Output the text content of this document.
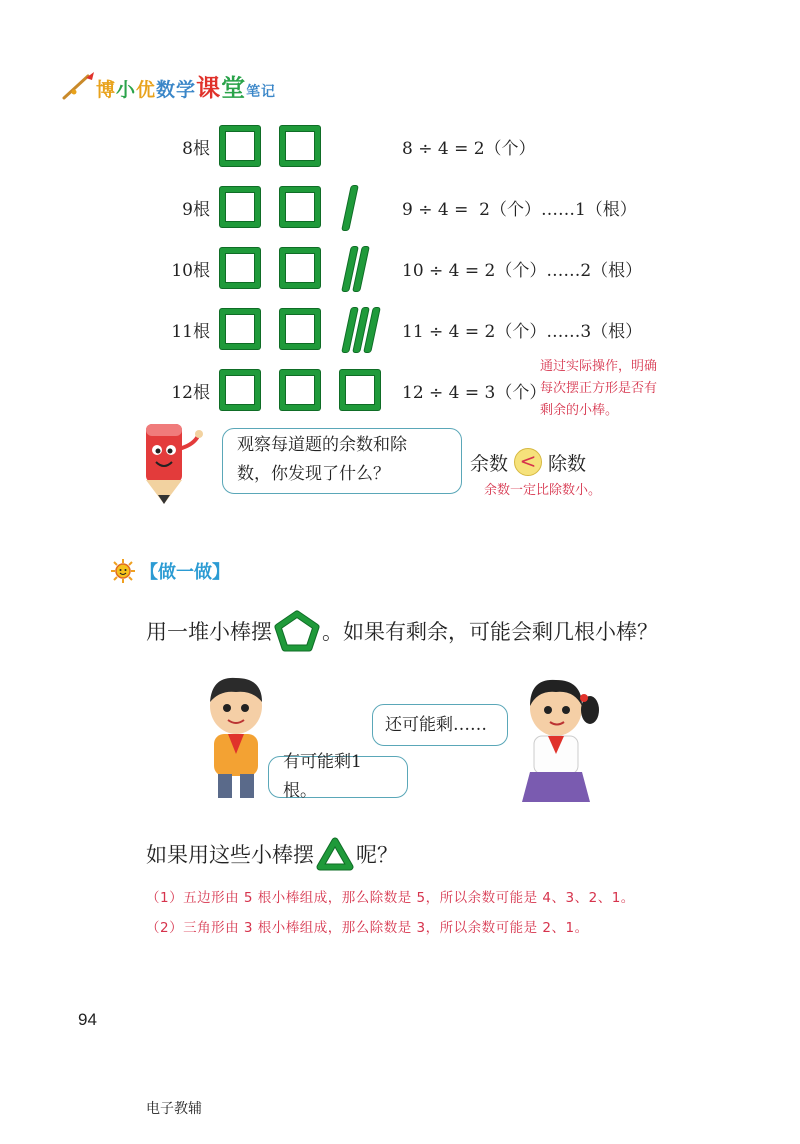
博小优数学课堂笔记
8根	8 ÷ 4 = 2（个）
9根	9 ÷ 4 =  2（个）……1（根）
10根	10 ÷ 4 = 2（个）……2（根）
11根	11 ÷ 4 = 2（个）……3（根）
12根	12 ÷ 4 = 3（个）
通过实际操作，明确
每次摆正方形是否有
剩余的小棒。
观察每道题的余数和除
数，你发现了什么？	余数 < 除数
余数一定比除数小。
【做一做】
用一堆小棒摆 。如果有剩余，可能会剩几根小棒？
有可能剩1根。
还可能剩……
如果用这些小棒摆 呢？
（1）五边形由 5 根小棒组成，那么除数是 5，所以余数可能是 4、3、2、1。
（2）三角形由 3 根小棒组成，那么除数是 3，所以余数可能是 2、1。
94
电子教辅
